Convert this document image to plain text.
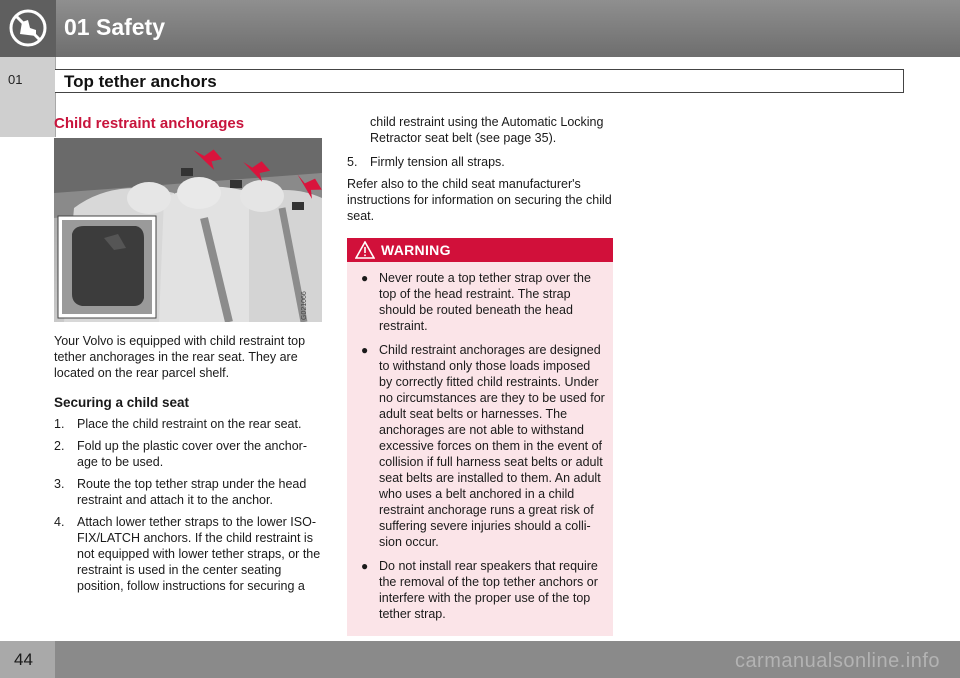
01 Safety
01 Top tether anchors
Child restraint anchorages
G021066

Your Volvo is equipped with child restraint top tether anchorages in the rear seat. They are located on the rear parcel shelf.

Securing a child seat
1. Place the child restraint on the rear seat.
2. Fold up the plastic cover over the anchor-age to be used.
3. Route the top tether strap under the head restraint and attach it to the anchor.
4. Attach lower tether straps to the lower ISO-FIX/LATCH anchors. If the child restraint is not equipped with lower tether straps, or the restraint is used in the center seating position, follow instructions for securing a

child restraint using the Automatic Locking Retractor seat belt (see page 35).

5. Firmly tension all straps.

Refer also to the child seat manufacturer's instructions for information on securing the child seat.

WARNING
● Never route a top tether strap over the top of the head restraint. The strap should be routed beneath the head restraint.
● Child restraint anchorages are designed to withstand only those loads imposed by correctly fitted child restraints. Under no circumstances are they to be used for adult seat belts or harnesses. The anchorages are not able to withstand excessive forces on them in the event of collision if full harness seat belts or adult seat belts are installed to them. An adult who uses a belt anchored in a child restraint anchorage runs a great risk of suffering severe injuries should a colli-sion occur.
● Do not install rear speakers that require the removal of the top tether anchors or interfere with the proper use of the top tether strap.
44	carmanualsonline.info
